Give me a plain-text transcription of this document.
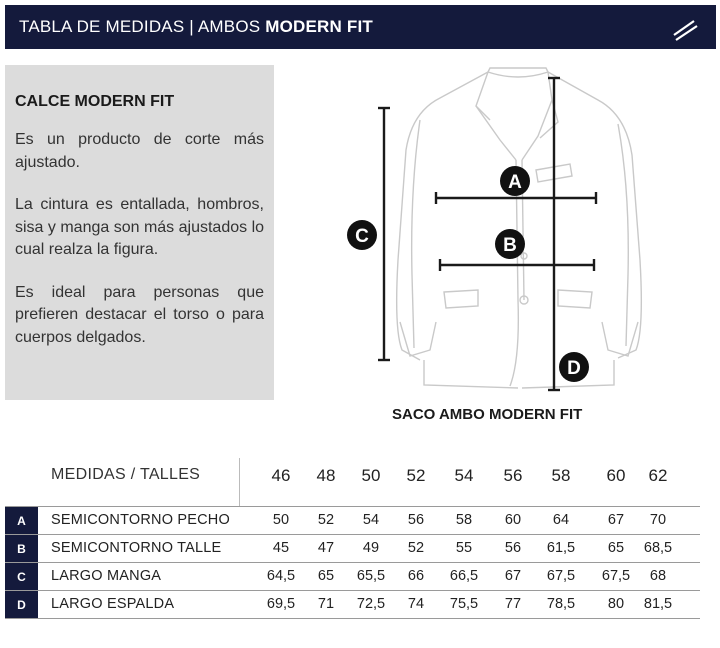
TABLA DE MEDIDAS | AMBOS MODERN FIT
CALCE MODERN FIT

Es un producto de corte más ajustado.

La cintura es entallada, hombros, sisa y manga son más ajustados lo cual realza la figura.

Es ideal para personas que prefieren destacar el torso o para cuerpos delgados.

A
B
C
D
SACO AMBO MODERN FIT
MEDIDAS / TALLES	46 48 50 52 54 56 58 60 62
A	SEMICONTORNO PECHO	50 52 54 56 58 60 64	67 70
B	SEMICONTORNO TALLE	45 47 49 52 55 56 61,5 65 68,5
C	LARGO MANGA	64,5 65 65,5 66 66,5 67 67,5 67,5 68
D	LARGO ESPALDA	69,5 71 72,5 74 75,5 77 78,5 80 81,5
